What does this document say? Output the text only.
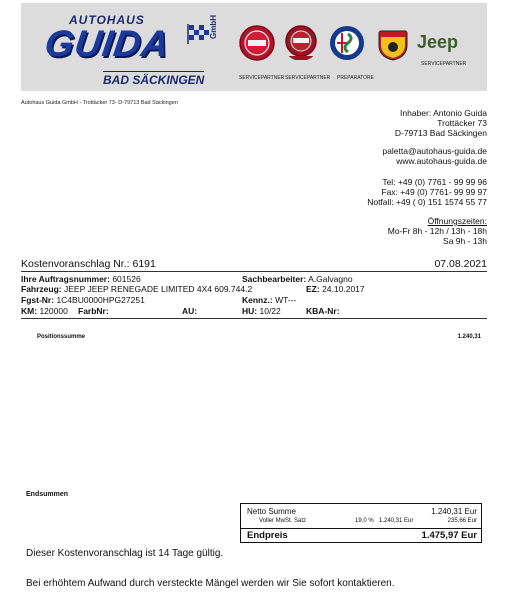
AUTOHAUS
GUIDA	GmbH
BAD SÄCKINGEN
Jeep
SERVICEPARTNER SERVICEPARTNER PREPARATORE
SERVICEPARTNER
Autohaus Guida GmbH - Trottäcker 73- D-79713 Bad Säckingen
Inhaber: Antonio Guida
Trottäcker 73
D-79713 Bad Säckingen
paletta@autohaus-guida.de
www.autohaus-guida.de
Tel: +49 (0) 7761 - 99 99 96
Fax: +49 (0) 7761- 99 99 97
Notfall: +49 ( 0) 151 1574 55 77
Öffnungszeiten:
Mo-Fr 8h - 12h / 13h - 18h
Sa 9h - 13h
Kostenvoranschlag Nr.: 6191	07.08.2021
Ihre Auftragsnummer: 601526	Sachbearbeiter: A.Galvagno
Fahrzeug: JEEP JEEP RENEGADE LIMITED 4X4 609.744.2	EZ: 24.10.2017
Fgst-Nr: 1C4BU0000HPG27251	Kennz.: WT---
KM: 120000 FarbNr:	AU:	HU: 10/22	KBA-Nr:
Positionssumme	1.240,31
Endsummen
Netto Summe	1.240,31 Eur
Voller MwSt. Satz	19,0 % 1.240,31 Eur	235,66 Eur
Endpreis	1.475,97 Eur
Dieser Kostenvoranschlag ist 14 Tage gültig.
Bei erhöhtem Aufwand durch versteckte Mängel werden wir Sie sofort kontaktieren.
